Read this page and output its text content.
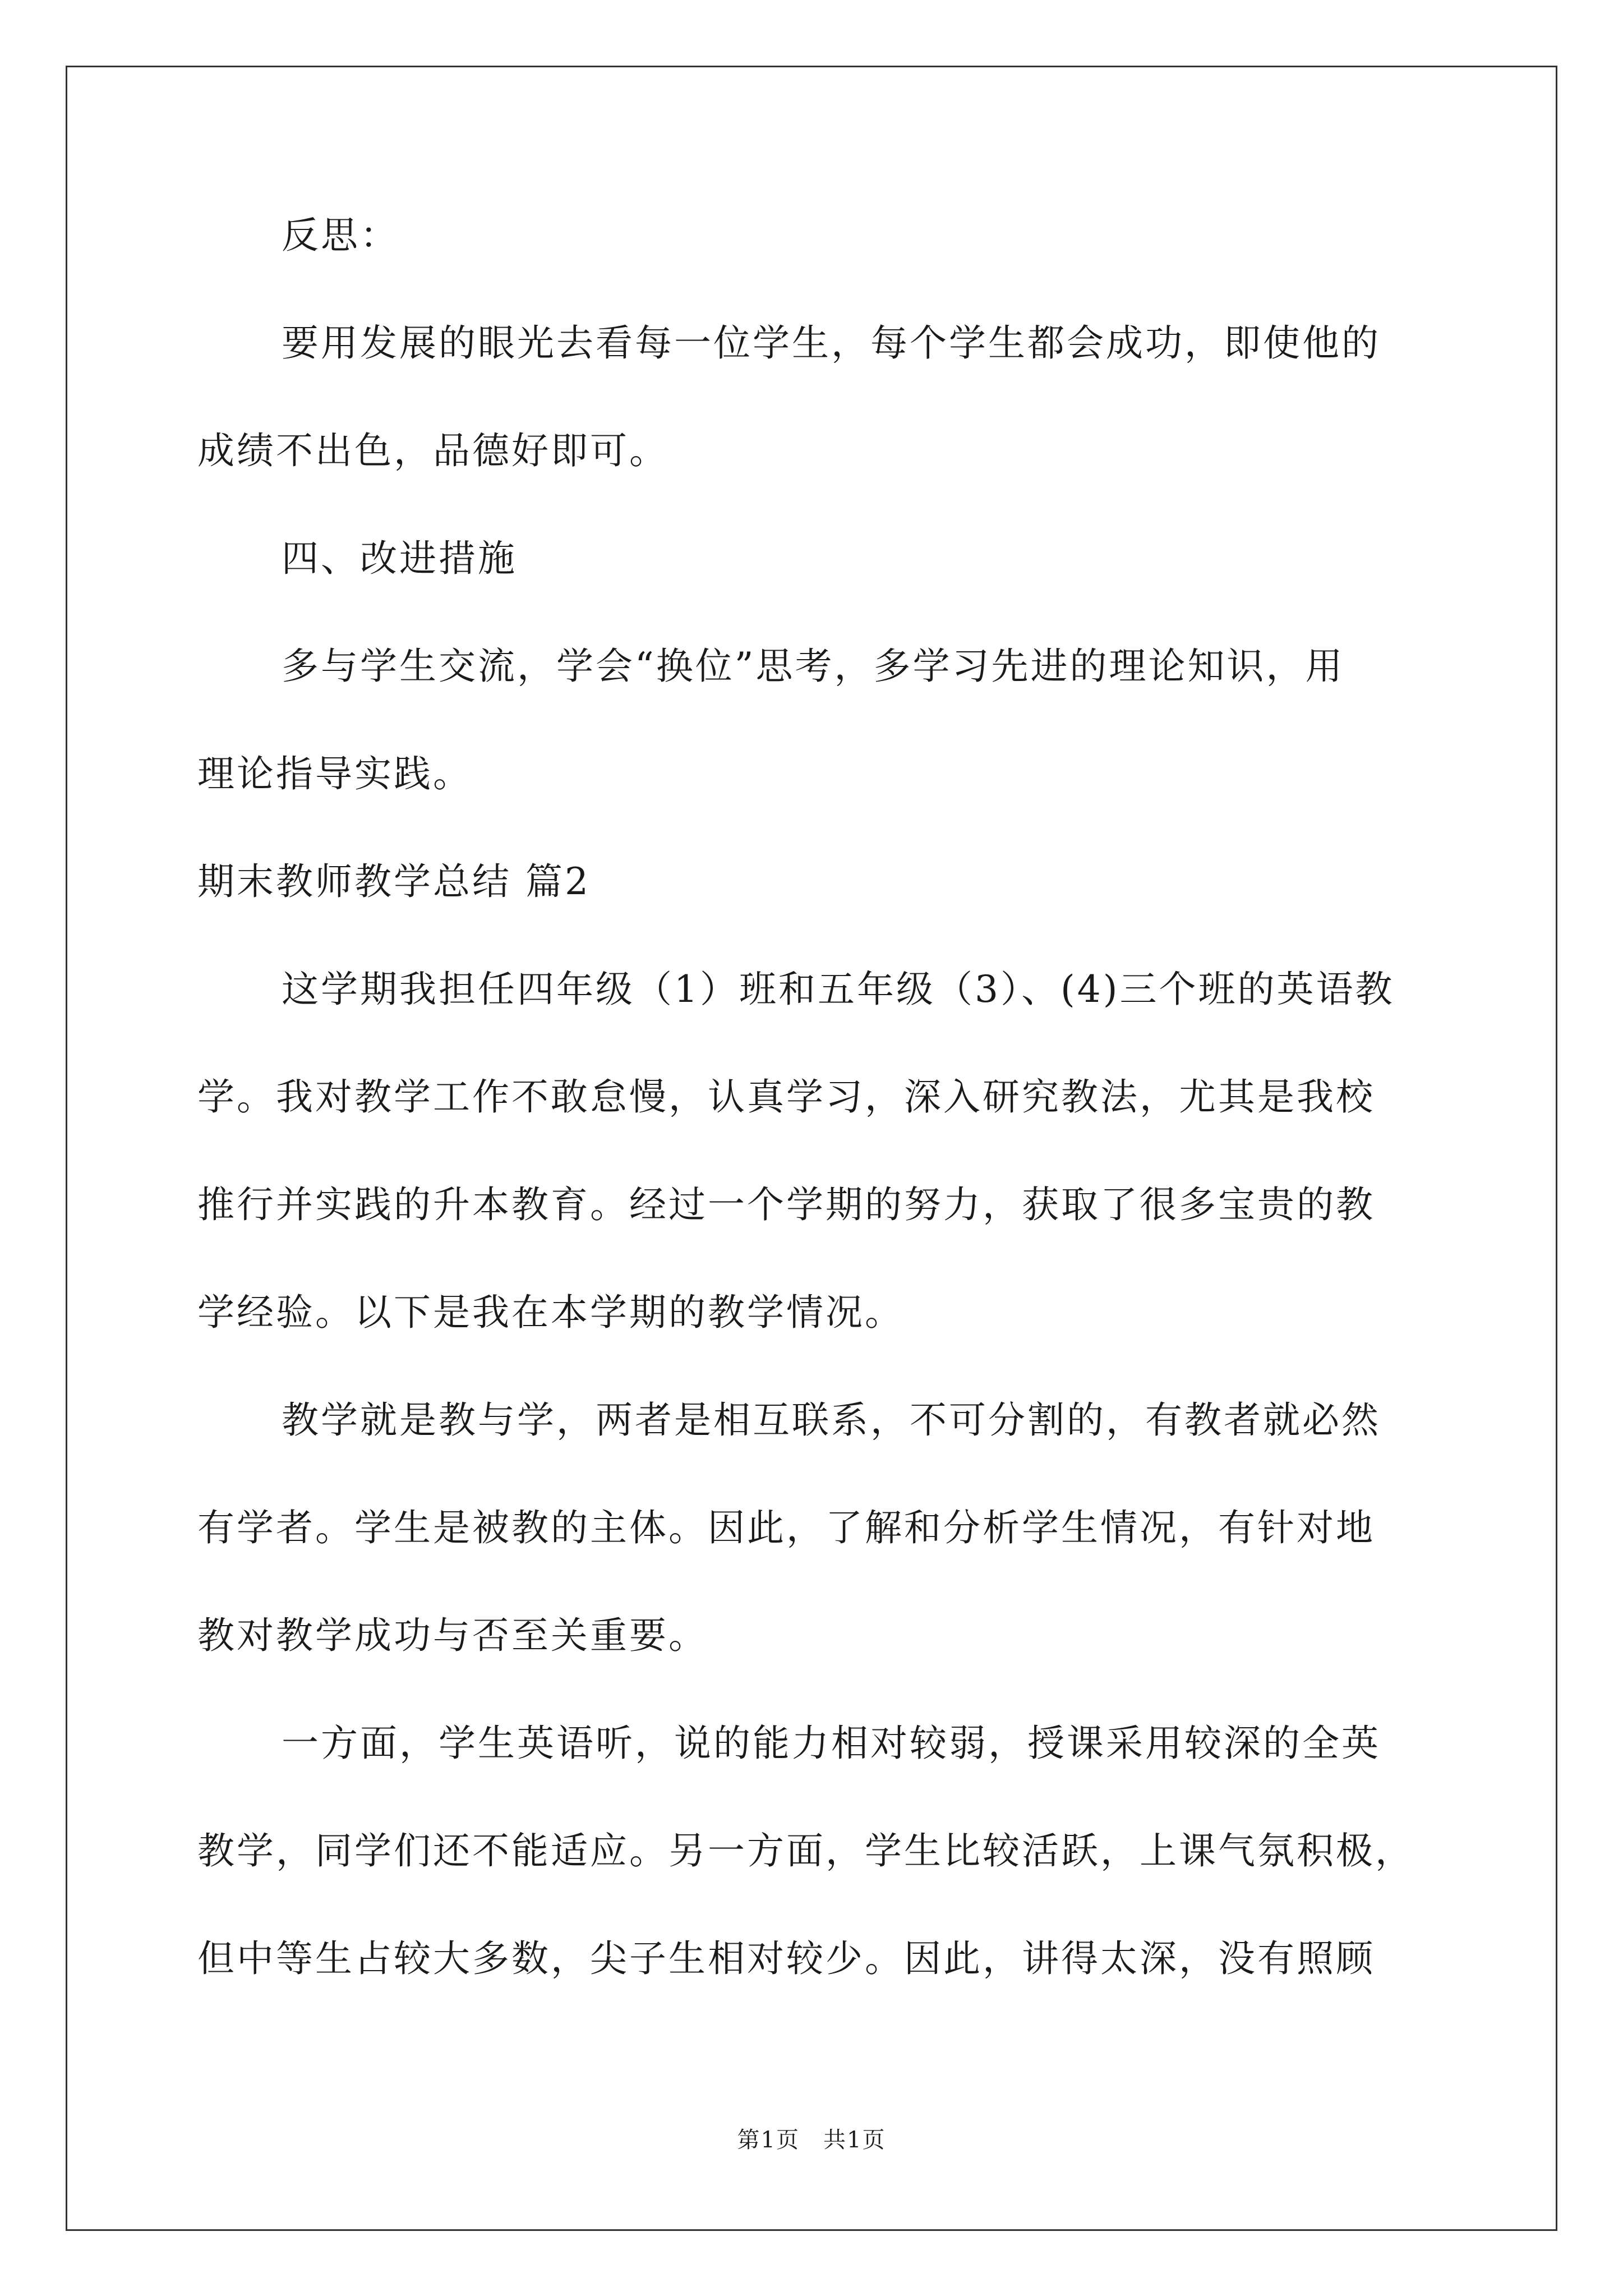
反思：
要用发展的眼光去看每一位学生，每个学生都会成功，即使他的
成绩不出色，品德好即可。
四、改进措施
多与学生交流，学会“换位”思考，多学习先进的理论知识，用
理论指导实践。
期末教师教学总结 篇2
这学期我担任四年级（1）班和五年级（3）、(4)三个班的英语教
学。我对教学工作不敢怠慢，认真学习，深入研究教法，尤其是我校
推行并实践的升本教育。经过一个学期的努力，获取了很多宝贵的教
学经验。以下是我在本学期的教学情况。
教学就是教与学，两者是相互联系，不可分割的，有教者就必然
有学者。学生是被教的主体。因此，了解和分析学生情况，有针对地
教对教学成功与否至关重要。
一方面，学生英语听，说的能力相对较弱，授课采用较深的全英
教学，同学们还不能适应。另一方面，学生比较活跃，上课气氛积极，
但中等生占较大多数，尖子生相对较少。因此，讲得太深，没有照顾
第1页　共1页
